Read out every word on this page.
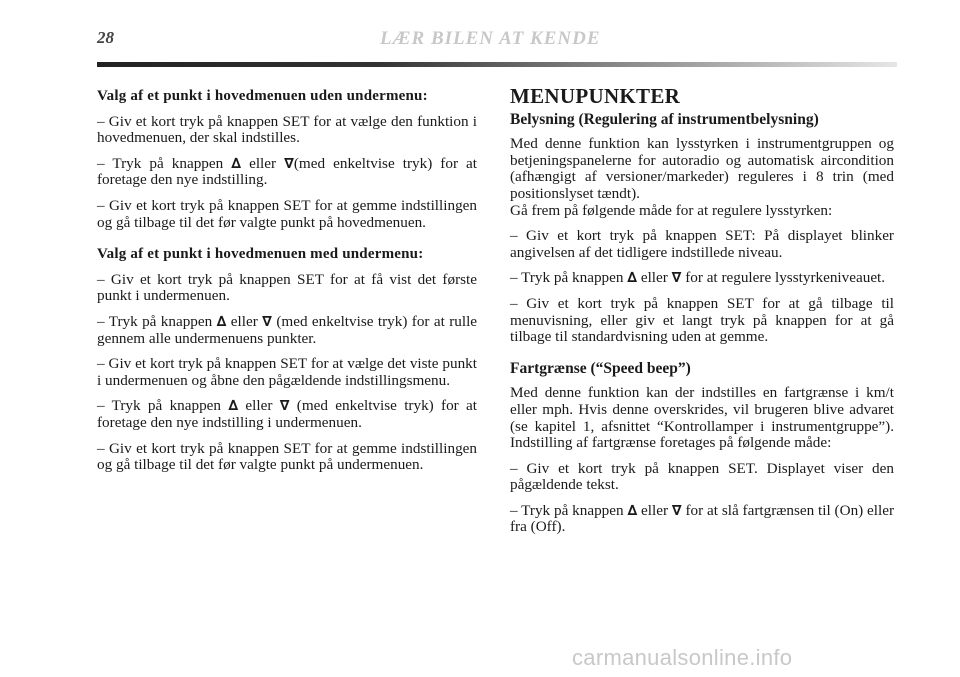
28	LÆR BILEN AT KENDE
Valg af et punkt i hovedmenuen uden undermenu:

– Giv et kort tryk på knappen SET for at vælge den funktion i hovedmenuen, der skal indstilles.

– Tryk på knappen ∆ eller ∇(med enkeltvise tryk) for at foretage den nye indstilling.

– Giv et kort tryk på knappen SET for at gemme indstillingen og gå tilbage til det før valgte punkt på hovedmenuen.

Valg af et punkt i hovedmenuen med undermenu:

– Giv et kort tryk på knappen SET for at få vist det første punkt i undermenuen.

– Tryk på knappen ∆ eller ∇ (med enkeltvise tryk) for at rulle gennem alle undermenuens punkter.

– Giv et kort tryk på knappen SET for at vælge det viste punkt i undermenuen og åbne den pågældende indstillingsmenu.

– Tryk på knappen ∆ eller ∇ (med enkeltvise tryk) for at foretage den nye indstilling i undermenuen.

– Giv et kort tryk på knappen SET for at gemme indstillingen og gå tilbage til det før valgte punkt på undermenuen.

MENUPUNKTER
Belysning (Regulering af instrumentbelysning)

Med denne funktion kan lysstyrken i instrumentgruppen og betjeningspanelerne for autoradio og automatisk aircondition (afhængigt af versioner/markeder) reguleres i 8 trin (med positionslyset tændt).

Gå frem på følgende måde for at regulere lysstyrken:

– Giv et kort tryk på knappen SET: På displayet blinker angivelsen af det tidligere indstillede niveau.

– Tryk på knappen ∆ eller ∇ for at regulere lysstyrkeniveauet.

– Giv et kort tryk på knappen SET for at gå tilbage til menuvisning, eller giv et langt tryk på knappen for at gå tilbage til standardvisning uden at gemme.

Fartgrænse (“Speed beep”)

Med denne funktion kan der indstilles en fartgrænse i km/t eller mph. Hvis denne overskrides, vil brugeren blive advaret (se kapitel 1, afsnittet “Kontrollamper i instrumentgruppe”). Indstilling af fartgrænse foretages på følgende måde:

– Giv et kort tryk på knappen SET. Displayet viser den pågældende tekst.

– Tryk på knappen ∆ eller ∇ for at slå fartgrænsen til (On) eller fra (Off).

carmanualsonline.info
